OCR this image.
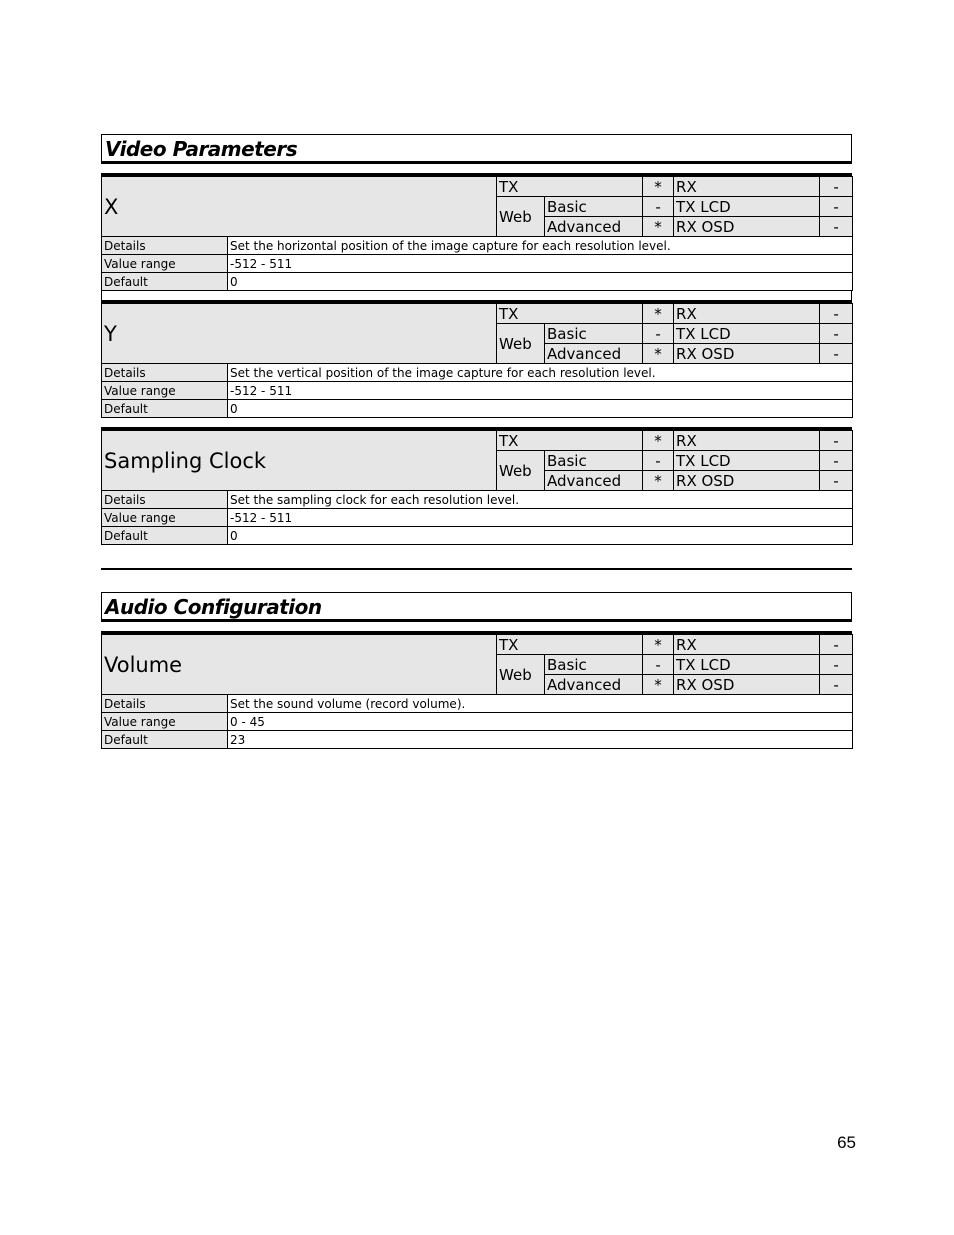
Video Parameters
X		TX		*	RX	-
		Web	Basic	-	TX LCD	-
			Advanced	*	RX OSD	-
Details	Set the horizontal position of the image capture for each resolution level.					
Value range	-512 - 511					
Default	0					
Y		TX		*	RX	-
		Web	Basic	-	TX LCD	-
			Advanced	*	RX OSD	-
Details	Set the vertical position of the image capture for each resolution level.					
Value range	-512 - 511					
Default	0					
Sampling Clock		TX		*	RX	-
		Web	Basic	-	TX LCD	-
			Advanced	*	RX OSD	-
Details	Set the sampling clock for each resolution level.					
Value range	-512 - 511					
Default	0					
Audio Configuration
Volume		TX		*	RX	-
		Web	Basic	-	TX LCD	-
			Advanced	*	RX OSD	-
Details	Set the sound volume (record volume).					
Value range	0 - 45					
Default	23					
65
